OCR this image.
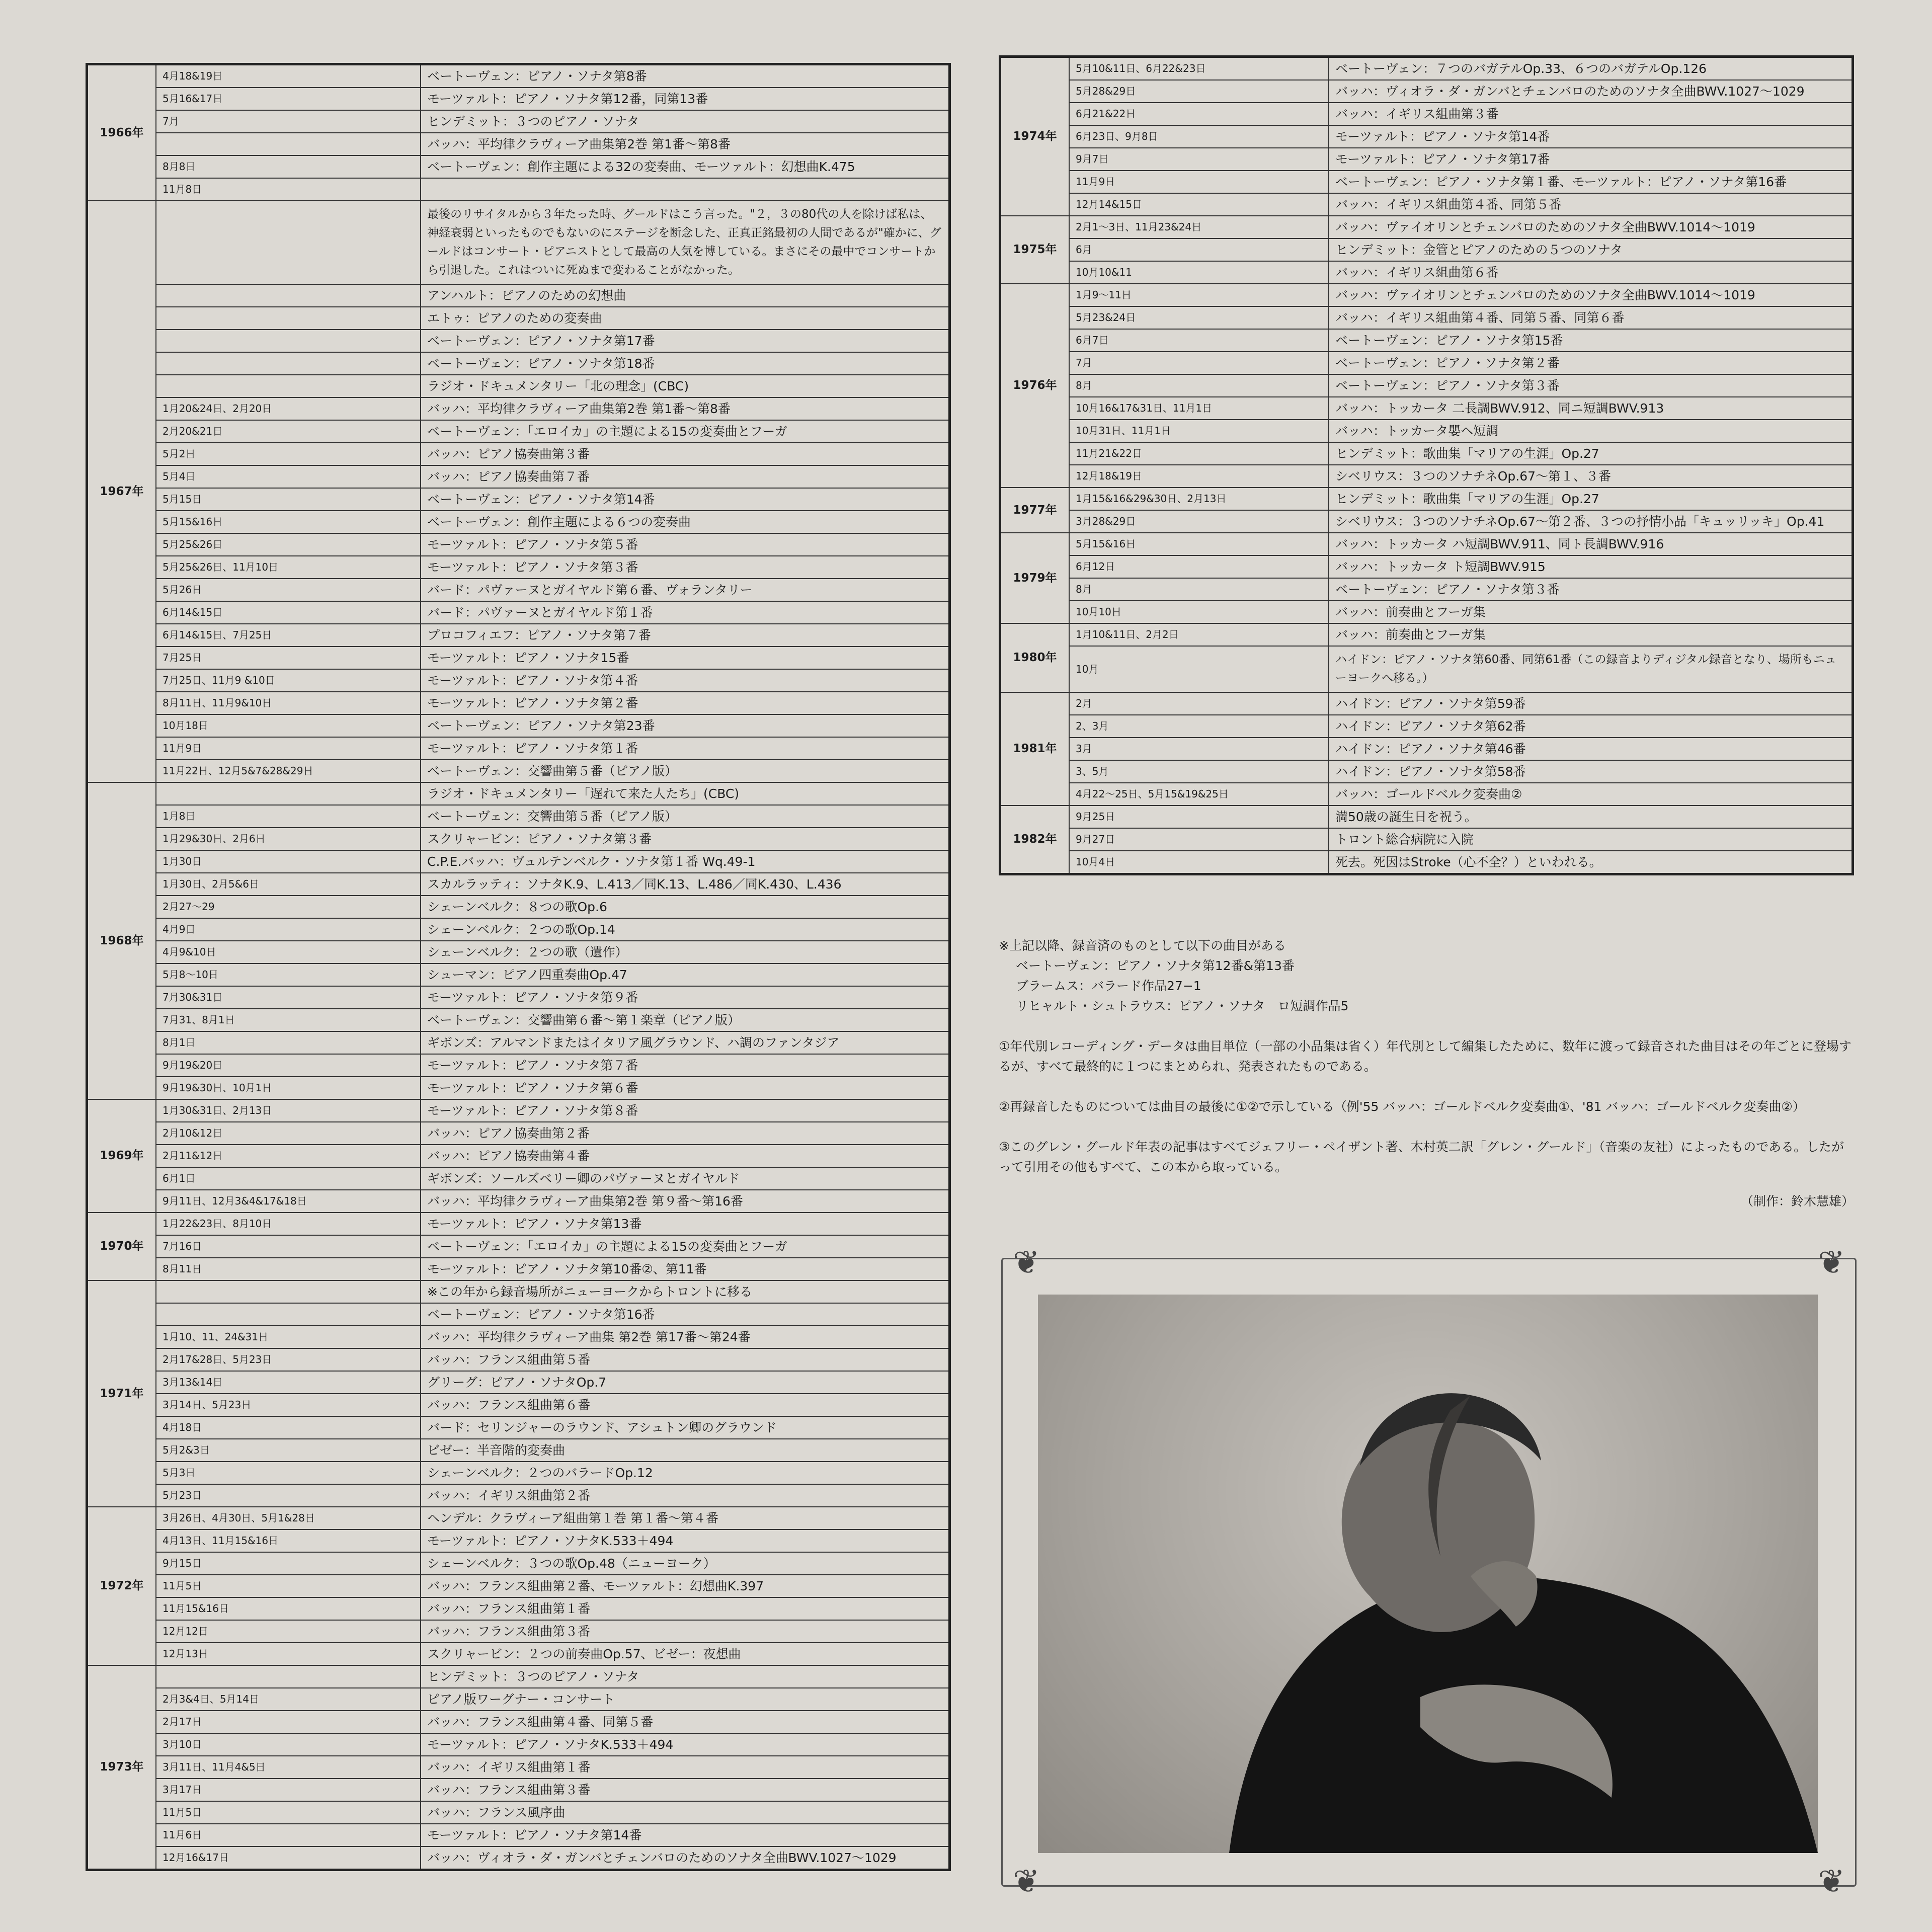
1966年	4月18&19日	ベートーヴェン：ピアノ・ソナタ第8番
	5月16&17日	モーツァルト：ピアノ・ソナタ第12番，同第13番
	7月	ヒンデミット：３つのピアノ・ソナタ
		バッハ：平均律クラヴィーア曲集第2巻 第1番〜第8番
	8月8日	ベートーヴェン：創作主題による32の変奏曲、モーツァルト：幻想曲K.475
	11月8日	
1967年		最後のリサイタルから３年たった時、グールドはこう言った。"２，３の80代の人を除けば私は、神経衰弱といったものでもないのにステージを断念した、正真正銘最初の人間であるが"確かに、グールドはコンサート・ピアニストとして最高の人気を博している。まさにその最中でコンサートから引退した。これはついに死ぬまで変わることがなかった。
		アンハルト：ピアノのための幻想曲
		エトゥ：ピアノのための変奏曲
		ベートーヴェン：ピアノ・ソナタ第17番
		ベートーヴェン：ピアノ・ソナタ第18番
		ラジオ・ドキュメンタリー「北の理念」(CBC)
	1月20&24日、2月20日	バッハ：平均律クラヴィーア曲集第2巻 第1番〜第8番
	2月20&21日	ベートーヴェン：「エロイカ」の主題による15の変奏曲とフーガ
	5月2日	バッハ：ピアノ協奏曲第３番
	5月4日	バッハ：ピアノ協奏曲第７番
	5月15日	ベートーヴェン：ピアノ・ソナタ第14番
	5月15&16日	ベートーヴェン：創作主題による６つの変奏曲
	5月25&26日	モーツァルト：ピアノ・ソナタ第５番
	5月25&26日、11月10日	モーツァルト：ピアノ・ソナタ第３番
	5月26日	バード：パヴァーヌとガイヤルド第６番、ヴォランタリー
	6月14&15日	バード：パヴァーヌとガイヤルド第１番
	6月14&15日、7月25日	プロコフィエフ：ピアノ・ソナタ第７番
	7月25日	モーツァルト：ピアノ・ソナタ15番
	7月25日、11月9 &10日	モーツァルト：ピアノ・ソナタ第４番
	8月11日、11月9&10日	モーツァルト：ピアノ・ソナタ第２番
	10月18日	ベートーヴェン：ピアノ・ソナタ第23番
	11月9日	モーツァルト：ピアノ・ソナタ第１番
	11月22日、12月5&7&28&29日	ベートーヴェン：交響曲第５番（ピアノ版）
1968年		ラジオ・ドキュメンタリー「遅れて来た人たち」(CBC)
	1月8日	ベートーヴェン：交響曲第５番（ピアノ版）
	1月29&30日、2月6日	スクリャービン：ピアノ・ソナタ第３番
	1月30日	C.P.E.バッハ：ヴュルテンベルク・ソナタ第１番 Wq.49-1
	1月30日、2月5&6日	スカルラッティ：ソナタK.9、L.413／同K.13、L.486／同K.430、L.436
	2月27〜29	シェーンベルク：８つの歌Op.6
	4月9日	シェーンベルク：２つの歌Op.14
	4月9&10日	シェーンベルク：２つの歌（遺作）
	5月8〜10日	シューマン：ピアノ四重奏曲Op.47
	7月30&31日	モーツァルト：ピアノ・ソナタ第９番
	7月31、8月1日	ベートーヴェン：交響曲第６番〜第１楽章（ピアノ版）
	8月1日	ギボンズ：アルマンドまたはイタリア風グラウンド、ハ調のファンタジア
	9月19&20日	モーツァルト：ピアノ・ソナタ第７番
	9月19&30日、10月1日	モーツァルト：ピアノ・ソナタ第６番
1969年	1月30&31日、2月13日	モーツァルト：ピアノ・ソナタ第８番
	2月10&12日	バッハ：ピアノ協奏曲第２番
	2月11&12日	バッハ：ピアノ協奏曲第４番
	6月1日	ギボンズ：ソールズベリー卿のパヴァーヌとガイヤルド
	9月11日、12月3&4&17&18日	バッハ：平均律クラヴィーア曲集第2巻 第９番〜第16番
1970年	1月22&23日、8月10日	モーツァルト：ピアノ・ソナタ第13番
	7月16日	ベートーヴェン：「エロイカ」の主題による15の変奏曲とフーガ
	8月11日	モーツァルト：ピアノ・ソナタ第10番②、第11番
1971年		※この年から録音場所がニューヨークからトロントに移る
		ベートーヴェン：ピアノ・ソナタ第16番
	1月10、11、24&31日	バッハ：平均律クラヴィーア曲集 第2巻 第17番〜第24番
	2月17&28日、5月23日	バッハ：フランス組曲第５番
	3月13&14日	グリーグ：ピアノ・ソナタOp.7
	3月14日、5月23日	バッハ：フランス組曲第６番
	4月18日	バード：セリンジャーのラウンド、アシュトン卿のグラウンド
	5月2&3日	ビゼー：半音階的変奏曲
	5月3日	シェーンベルク：２つのバラードOp.12
	5月23日	バッハ：イギリス組曲第２番
1972年	3月26日、4月30日、5月1&28日	ヘンデル：クラヴィーア組曲第１巻 第１番〜第４番
	4月13日、11月15&16日	モーツァルト：ピアノ・ソナタK.533＋494
	9月15日	シェーンベルク：３つの歌Op.48（ニューヨーク）
	11月5日	バッハ：フランス組曲第２番、モーツァルト：幻想曲K.397
	11月15&16日	バッハ：フランス組曲第１番
	12月12日	バッハ：フランス組曲第３番
	12月13日	スクリャービン：２つの前奏曲Op.57、ビゼー：夜想曲
1973年		ヒンデミット：３つのピアノ・ソナタ
	2月3&4日、5月14日	ピアノ版ワーグナー・コンサート
	2月17日	バッハ：フランス組曲第４番、同第５番
	3月10日	モーツァルト：ピアノ・ソナタK.533＋494
	3月11日、11月4&5日	バッハ：イギリス組曲第１番
	3月17日	バッハ：フランス組曲第３番
	11月5日	バッハ：フランス風序曲
	11月6日	モーツァルト：ピアノ・ソナタ第14番
	12月16&17日	バッハ：ヴィオラ・ダ・ガンバとチェンバロのためのソナタ全曲BWV.1027〜1029
1974年	5月10&11日、6月22&23日	ベートーヴェン：７つのバガテルOp.33、６つのバガテルOp.126
	5月28&29日	バッハ：ヴィオラ・ダ・ガンバとチェンバロのためのソナタ全曲BWV.1027〜1029
	6月21&22日	バッハ：イギリス組曲第３番
	6月23日、9月8日	モーツァルト：ピアノ・ソナタ第14番
	9月7日	モーツァルト：ピアノ・ソナタ第17番
	11月9日	ベートーヴェン：ピアノ・ソナタ第１番、モーツァルト：ピアノ・ソナタ第16番
	12月14&15日	バッハ：イギリス組曲第４番、同第５番
1975年	2月1〜3日、11月23&24日	バッハ：ヴァイオリンとチェンバロのためのソナタ全曲BWV.1014〜1019
	6月	ヒンデミット：金管とピアノのための５つのソナタ
	10月10&11	バッハ：イギリス組曲第６番
1976年	1月9〜11日	バッハ：ヴァイオリンとチェンバロのためのソナタ全曲BWV.1014〜1019
	5月23&24日	バッハ：イギリス組曲第４番、同第５番、同第６番
	6月7日	ベートーヴェン：ピアノ・ソナタ第15番
	7月	ベートーヴェン：ピアノ・ソナタ第２番
	8月	ベートーヴェン：ピアノ・ソナタ第３番
	10月16&17&31日、11月1日	バッハ：トッカータ 二長調BWV.912、同ニ短調BWV.913
	10月31日、11月1日	バッハ：トッカータ嬰ヘ短調
	11月21&22日	ヒンデミット：歌曲集「マリアの生涯」Op.27
	12月18&19日	シベリウス：３つのソナチネOp.67〜第１、３番
1977年	1月15&16&29&30日、2月13日	ヒンデミット：歌曲集「マリアの生涯」Op.27
	3月28&29日	シベリウス：３つのソナチネOp.67〜第２番、３つの抒情小品「キュッリッキ」Op.41
1979年	5月15&16日	バッハ：トッカータ ハ短調BWV.911、同ト長調BWV.916
	6月12日	バッハ：トッカータ ト短調BWV.915
	8月	ベートーヴェン：ピアノ・ソナタ第３番
	10月10日	バッハ：前奏曲とフーガ集
1980年	1月10&11日、2月2日	バッハ：前奏曲とフーガ集
	10月	ハイドン：ピアノ・ソナタ第60番、同第61番（この録音よりディジタル録音となり、場所もニューヨークへ移る。）
1981年	2月	ハイドン：ピアノ・ソナタ第59番
	2、3月	ハイドン：ピアノ・ソナタ第62番
	3月	ハイドン：ピアノ・ソナタ第46番
	3、5月	ハイドン：ピアノ・ソナタ第58番
	4月22〜25日、5月15&19&25日	バッハ：ゴールドベルク変奏曲②
1982年	9月25日	満50歳の誕生日を祝う。
	9月27日	トロント総合病院に入院
	10月4日	死去。死因はStroke（心不全？）といわれる。

※上記以降、録音済のものとして以下の曲目がある

ベートーヴェン：ピアノ・ソナタ第12番&第13番

ブラームス：バラード作品27−1

リヒャルト・シュトラウス：ピアノ・ソナタ　ロ短調作品5

①年代別レコーディング・データは曲目単位（一部の小品集は省く）年代別として編集したために、数年に渡って録音された曲目はその年ごとに登場するが、すべて最終的に１つにまとめられ、発表されたものである。

②再録音したものについては曲目の最後に①②で示している（例'55 バッハ：ゴールドベルク変奏曲①、'81 バッハ：ゴールドベルク変奏曲②）

③このグレン・グールド年表の記事はすべてジェフリー・ペイザント著、木村英二訳「グレン・グールド」（音楽の友社）によったものである。したがって引用その他もすべて、この本から取っている。

（制作：鈴木慧雄）

❦	❦
❦	❦
